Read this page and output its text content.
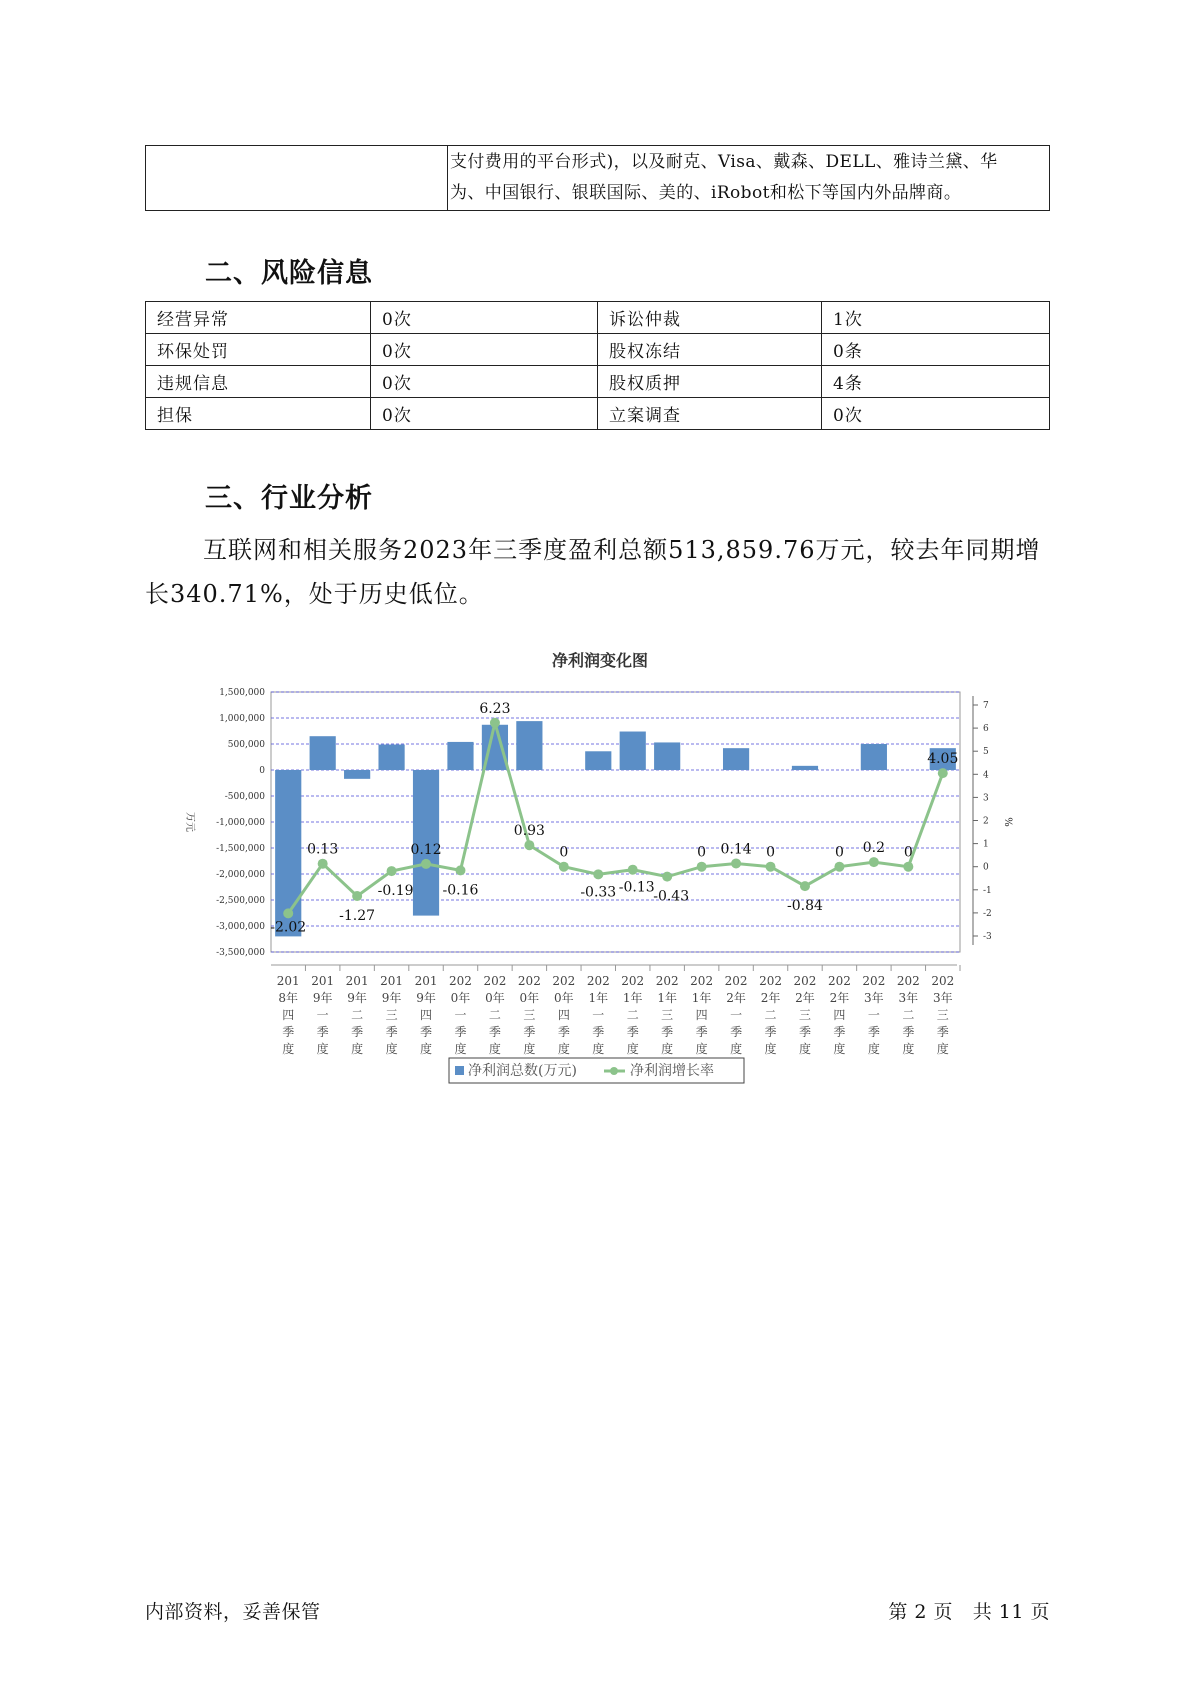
支付费用的平台形式)，以及耐克、Visa、戴森、DELL、雅诗兰黛、华
为、中国银行、银联国际、美的、iRobot和松下等国内外品牌商。
二、风险信息
经营异常	0次	诉讼仲裁	1次
环保处罚	0次	股权冻结	0条
违规信息	0次	股权质押	4条
担保	0次	立案调查	0次
三、行业分析

互联网和相关服务2023年三季度盈利总额513,859.76万元，较去年同期增长340.71%，处于历史低位。

净利润变化图
1,500,000
1,000,000
500,000
0
-500,000
-1,000,000
-1,500,000
-2,000,000
-2,500,000
-3,000,000
-3,500,000
7
6
5
4
3
2
1
0
-1
-2
-3
万元	%
201
8年
四
季
度
201
9年
一
季
度
201
9年
二
季
度
201
9年
三
季
度
201
9年
四
季
度
202
0年
一
季
度
202
0年
二
季
度
202
0年
三
季
度
202
0年
四
季
度
202
1年
一
季
度
202
1年
二
季
度
202
1年
三
季
度
202
1年
四
季
度
202
2年
一
季
度
202
2年
二
季
度
202
2年
三
季
度
202
2年
四
季
度
202
3年
一
季
度
202
3年
二
季
度
202
3年
三
季
度
-2.02
0.13
-1.27
-0.19
0.12
-0.16
6.23
0.93
0
-0.33 -0.13
-0.43
0 0.14 0
-0.84
0 0.2 0
4.05
净利润总数(万元)	净利润增长率
内部资料，妥善保管	第 2 页 共 11 页
